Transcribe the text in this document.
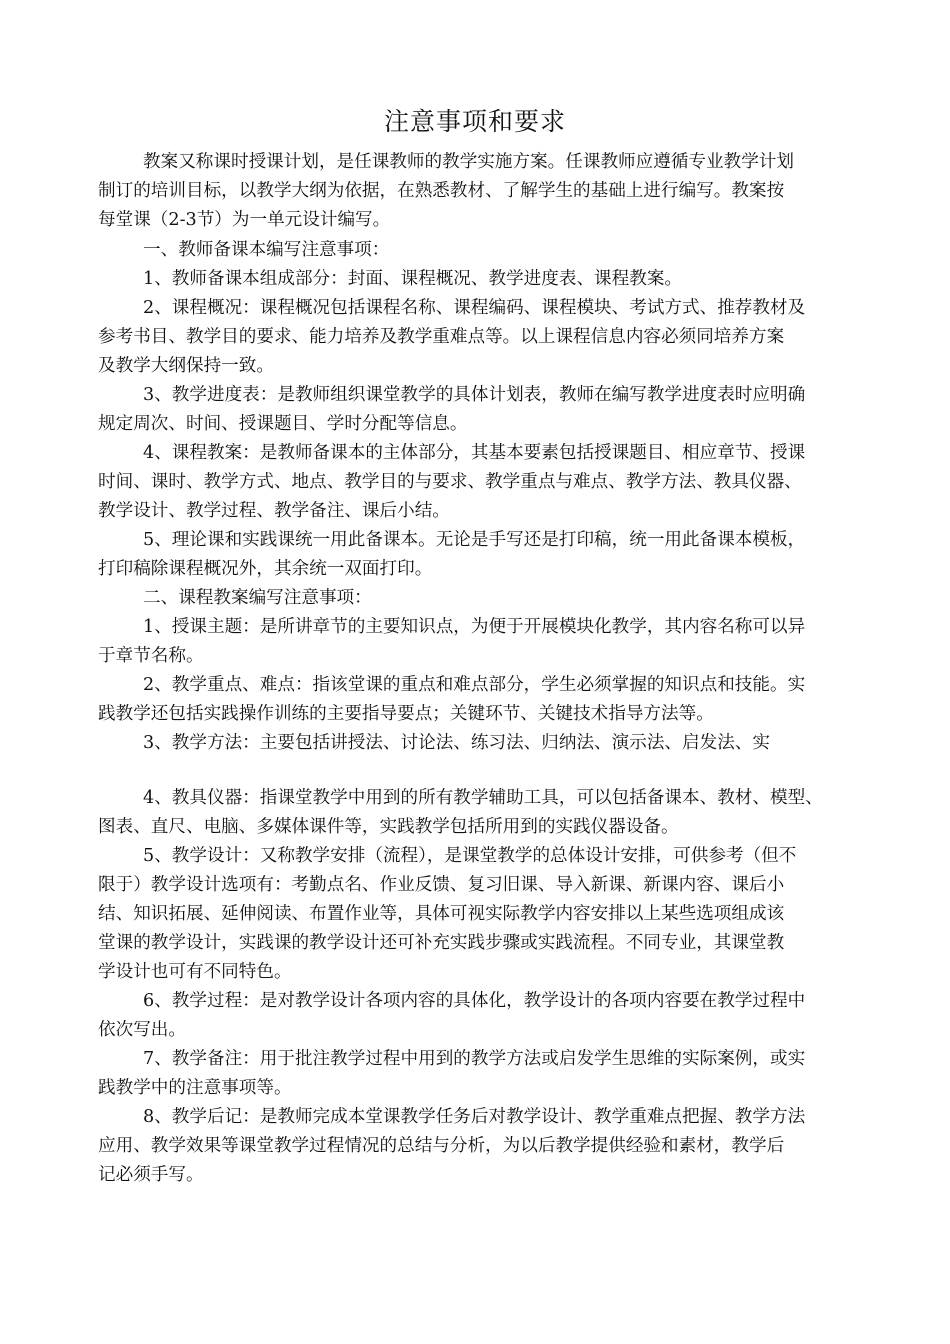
注意事项和要求
教案又称课时授课计划，是任课教师的教学实施方案。任课教师应遵循专业教学计划
制订的培训目标，以教学大纲为依据，在熟悉教材、了解学生的基础上进行编写。教案按
每堂课（2-3节）为一单元设计编写。
一、教师备课本编写注意事项：
1、教师备课本组成部分：封面、课程概况、教学进度表、课程教案。
2、课程概况：课程概况包括课程名称、课程编码、课程模块、考试方式、推荐教材及
参考书目、教学目的要求、能力培养及教学重难点等。以上课程信息内容必须同培养方案
及教学大纲保持一致。
3、教学进度表：是教师组织课堂教学的具体计划表，教师在编写教学进度表时应明确
规定周次、时间、授课题目、学时分配等信息。
4、课程教案：是教师备课本的主体部分，其基本要素包括授课题目、相应章节、授课
时间、课时、教学方式、地点、教学目的与要求、教学重点与难点、教学方法、教具仪器、
教学设计、教学过程、教学备注、课后小结。
5、理论课和实践课统一用此备课本。无论是手写还是打印稿，统一用此备课本模板，
打印稿除课程概况外，其余统一双面打印。
二、课程教案编写注意事项：
1、授课主题：是所讲章节的主要知识点，为便于开展模块化教学，其内容名称可以异
于章节名称。
2、教学重点、难点：指该堂课的重点和难点部分，学生必须掌握的知识点和技能。实
践教学还包括实践操作训练的主要指导要点；关键环节、关键技术指导方法等。
3、教学方法：主要包括讲授法、讨论法、练习法、归纳法、演示法、启发法、实
4、教具仪器：指课堂教学中用到的所有教学辅助工具，可以包括备课本、教材、模型、
图表、直尺、电脑、多媒体课件等，实践教学包括所用到的实践仪器设备。
5、教学设计：又称教学安排（流程），是课堂教学的总体设计安排，可供参考（但不
限于）教学设计选项有：考勤点名、作业反馈、复习旧课、导入新课、新课内容、课后小
结、知识拓展、延伸阅读、布置作业等，具体可视实际教学内容安排以上某些选项组成该
堂课的教学设计，实践课的教学设计还可补充实践步骤或实践流程。不同专业，其课堂教
学设计也可有不同特色。
6、教学过程：是对教学设计各项内容的具体化，教学设计的各项内容要在教学过程中
依次写出。
7、教学备注：用于批注教学过程中用到的教学方法或启发学生思维的实际案例，或实
践教学中的注意事项等。
8、教学后记：是教师完成本堂课教学任务后对教学设计、教学重难点把握、教学方法
应用、教学效果等课堂教学过程情况的总结与分析，为以后教学提供经验和素材，教学后
记必须手写。
